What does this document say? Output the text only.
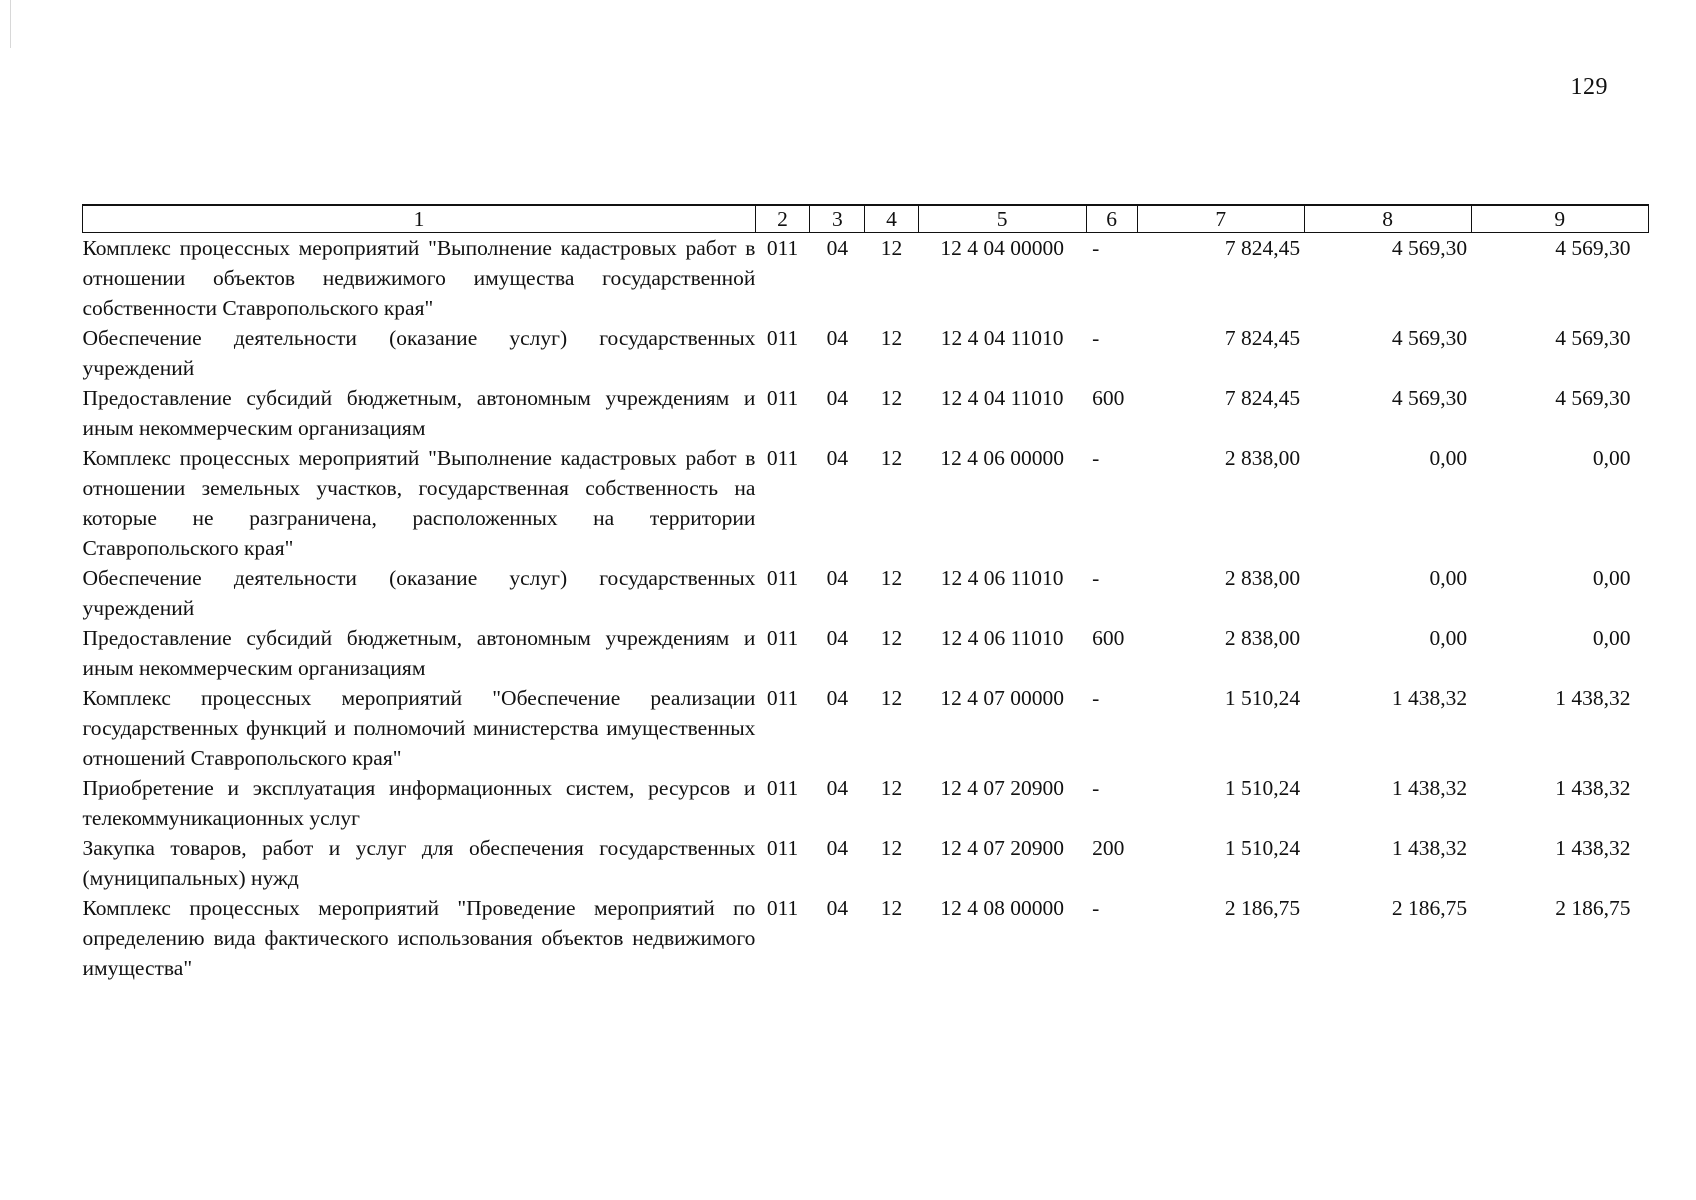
129
1	2	3	4	5	6	7	8	9
Комплекс процессных мероприятий "Выполнение кадастровых работ в отношении объектов недвижимого имущества государственной собственности Ставропольского края"	011	04	12	12 4 04 00000	-	7 824,45	4 569,30	4 569,30
Обеспечение деятельности (оказание услуг) государственных учреждений	011	04	12	12 4 04 11010	-	7 824,45	4 569,30	4 569,30
Предоставление субсидий бюджетным, автономным учреждениям и иным некоммерческим организациям	011	04	12	12 4 04 11010	600	7 824,45	4 569,30	4 569,30
Комплекс процессных мероприятий "Выполнение кадастровых работ в отношении земельных участков, государственная собственность на которые не разграничена, расположенных на территории Ставропольского края"	011	04	12	12 4 06 00000	-	2 838,00	0,00	0,00
Обеспечение деятельности (оказание услуг) государственных учреждений	011	04	12	12 4 06 11010	-	2 838,00	0,00	0,00
Предоставление субсидий бюджетным, автономным учреждениям и иным некоммерческим организациям	011	04	12	12 4 06 11010	600	2 838,00	0,00	0,00
Комплекс процессных мероприятий "Обеспечение реализации государственных функций и полномочий министерства имущественных отношений Ставропольского края"	011	04	12	12 4 07 00000	-	1 510,24	1 438,32	1 438,32
Приобретение и эксплуатация информационных систем, ресурсов и телекоммуникационных услуг	011	04	12	12 4 07 20900	-	1 510,24	1 438,32	1 438,32
Закупка товаров, работ и услуг для обеспечения государственных (муниципальных) нужд	011	04	12	12 4 07 20900	200	1 510,24	1 438,32	1 438,32
Комплекс процессных мероприятий "Проведение мероприятий по определению вида фактического использования объектов недвижимого имущества"	011	04	12	12 4 08 00000	-	2 186,75	2 186,75	2 186,75
